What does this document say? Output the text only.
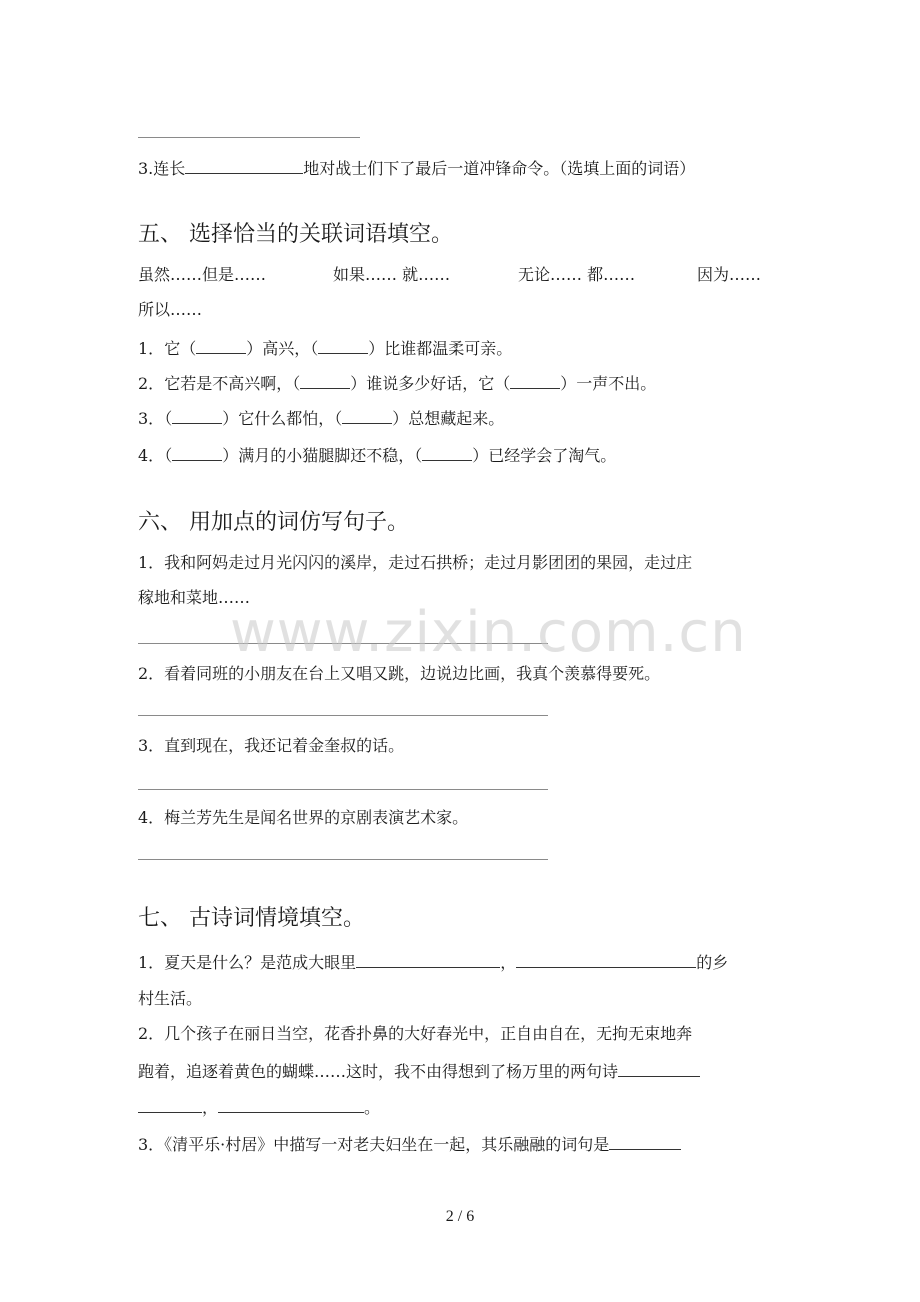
3.连长	地对战士们下了最后一道冲锋命令。（选填上面的词语）
五、 选择恰当的关联词语填空。
虽然……但是……	如果…… 就……	无论…… 都……	因为……
所以……
1．它（	）高兴，（	）比谁都温柔可亲。
2．它若是不高兴啊，（	）谁说多少好话，它（	）一声不出。
3．（	）它什么都怕，（	）总想藏起来。
4．（	）满月的小猫腿脚还不稳，（	）已经学会了淘气。
六、 用加点的词仿写句子。
1．我和阿妈走过月光闪闪的溪岸，走过石拱桥；走过月影团团的果园，走过庄
稼地和菜地……
2．看着同班的小朋友在台上又唱又跳，边说边比画，我真个羡慕得要死。
3．直到现在，我还记着金奎叔的话。
4．梅兰芳先生是闻名世界的京剧表演艺术家。
七、 古诗词情境填空。
1．夏天是什么？是范成大眼里	，	的乡
村生活。
2．几个孩子在丽日当空，花香扑鼻的大好春光中，正自由自在，无拘无束地奔
跑着，追逐着黄色的蝴蝶……这时，我不由得想到了杨万里的两句诗
，	。
3．《清平乐·村居》中描写一对老夫妇坐在一起，其乐融融的词句是
www.zixin.com.cn
2 / 6
